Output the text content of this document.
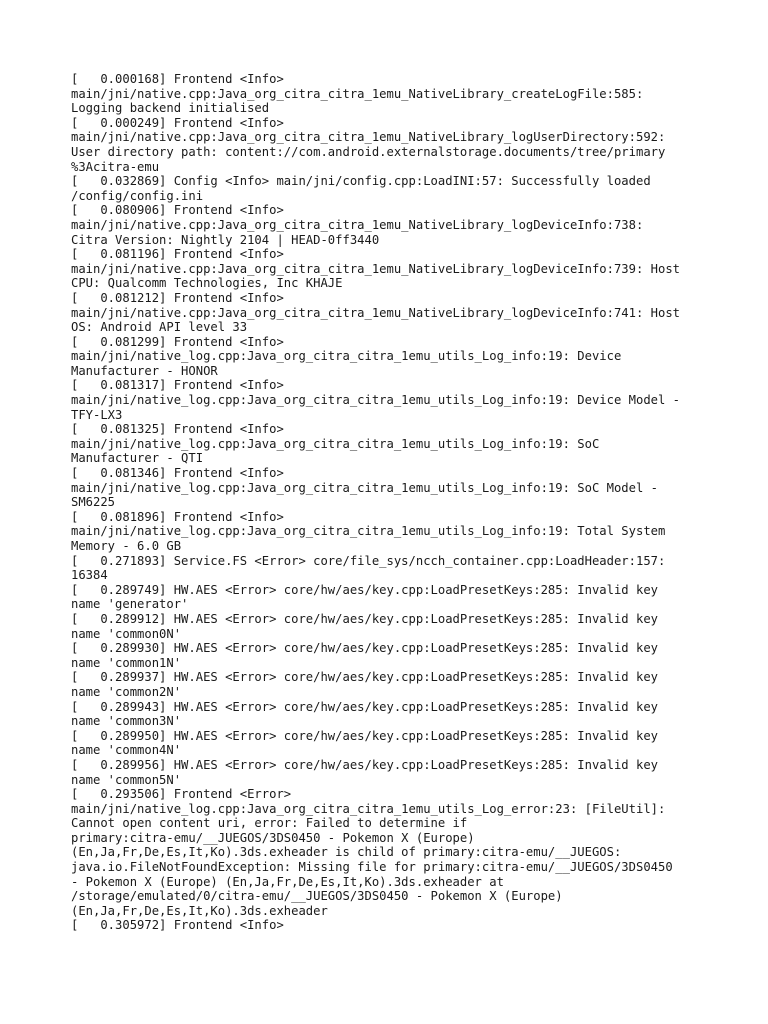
[   0.000168] Frontend <Info>
main/jni/native.cpp:Java_org_citra_citra_1emu_NativeLibrary_createLogFile:585:
Logging backend initialised
[   0.000249] Frontend <Info>
main/jni/native.cpp:Java_org_citra_citra_1emu_NativeLibrary_logUserDirectory:592:
User directory path: content://com.android.externalstorage.documents/tree/primary
%3Acitra-emu
[   0.032869] Config <Info> main/jni/config.cpp:LoadINI:57: Successfully loaded
/config/config.ini
[   0.080906] Frontend <Info>
main/jni/native.cpp:Java_org_citra_citra_1emu_NativeLibrary_logDeviceInfo:738:
Citra Version: Nightly 2104 | HEAD-0ff3440
[   0.081196] Frontend <Info>
main/jni/native.cpp:Java_org_citra_citra_1emu_NativeLibrary_logDeviceInfo:739: Host
CPU: Qualcomm Technologies, Inc KHAJE
[   0.081212] Frontend <Info>
main/jni/native.cpp:Java_org_citra_citra_1emu_NativeLibrary_logDeviceInfo:741: Host
OS: Android API level 33
[   0.081299] Frontend <Info>
main/jni/native_log.cpp:Java_org_citra_citra_1emu_utils_Log_info:19: Device
Manufacturer - HONOR
[   0.081317] Frontend <Info>
main/jni/native_log.cpp:Java_org_citra_citra_1emu_utils_Log_info:19: Device Model -
TFY-LX3
[   0.081325] Frontend <Info>
main/jni/native_log.cpp:Java_org_citra_citra_1emu_utils_Log_info:19: SoC
Manufacturer - QTI
[   0.081346] Frontend <Info>
main/jni/native_log.cpp:Java_org_citra_citra_1emu_utils_Log_info:19: SoC Model -
SM6225
[   0.081896] Frontend <Info>
main/jni/native_log.cpp:Java_org_citra_citra_1emu_utils_Log_info:19: Total System
Memory - 6.0 GB
[   0.271893] Service.FS <Error> core/file_sys/ncch_container.cpp:LoadHeader:157:
16384
[   0.289749] HW.AES <Error> core/hw/aes/key.cpp:LoadPresetKeys:285: Invalid key
name 'generator'
[   0.289912] HW.AES <Error> core/hw/aes/key.cpp:LoadPresetKeys:285: Invalid key
name 'common0N'
[   0.289930] HW.AES <Error> core/hw/aes/key.cpp:LoadPresetKeys:285: Invalid key
name 'common1N'
[   0.289937] HW.AES <Error> core/hw/aes/key.cpp:LoadPresetKeys:285: Invalid key
name 'common2N'
[   0.289943] HW.AES <Error> core/hw/aes/key.cpp:LoadPresetKeys:285: Invalid key
name 'common3N'
[   0.289950] HW.AES <Error> core/hw/aes/key.cpp:LoadPresetKeys:285: Invalid key
name 'common4N'
[   0.289956] HW.AES <Error> core/hw/aes/key.cpp:LoadPresetKeys:285: Invalid key
name 'common5N'
[   0.293506] Frontend <Error>
main/jni/native_log.cpp:Java_org_citra_citra_1emu_utils_Log_error:23: [FileUtil]:
Cannot open content uri, error: Failed to determine if
primary:citra-emu/__JUEGOS/3DS0450 - Pokemon X (Europe)
(En,Ja,Fr,De,Es,It,Ko).3ds.exheader is child of primary:citra-emu/__JUEGOS:
java.io.FileNotFoundException: Missing file for primary:citra-emu/__JUEGOS/3DS0450
- Pokemon X (Europe) (En,Ja,Fr,De,Es,It,Ko).3ds.exheader at
/storage/emulated/0/citra-emu/__JUEGOS/3DS0450 - Pokemon X (Europe)
(En,Ja,Fr,De,Es,It,Ko).3ds.exheader
[   0.305972] Frontend <Info>
